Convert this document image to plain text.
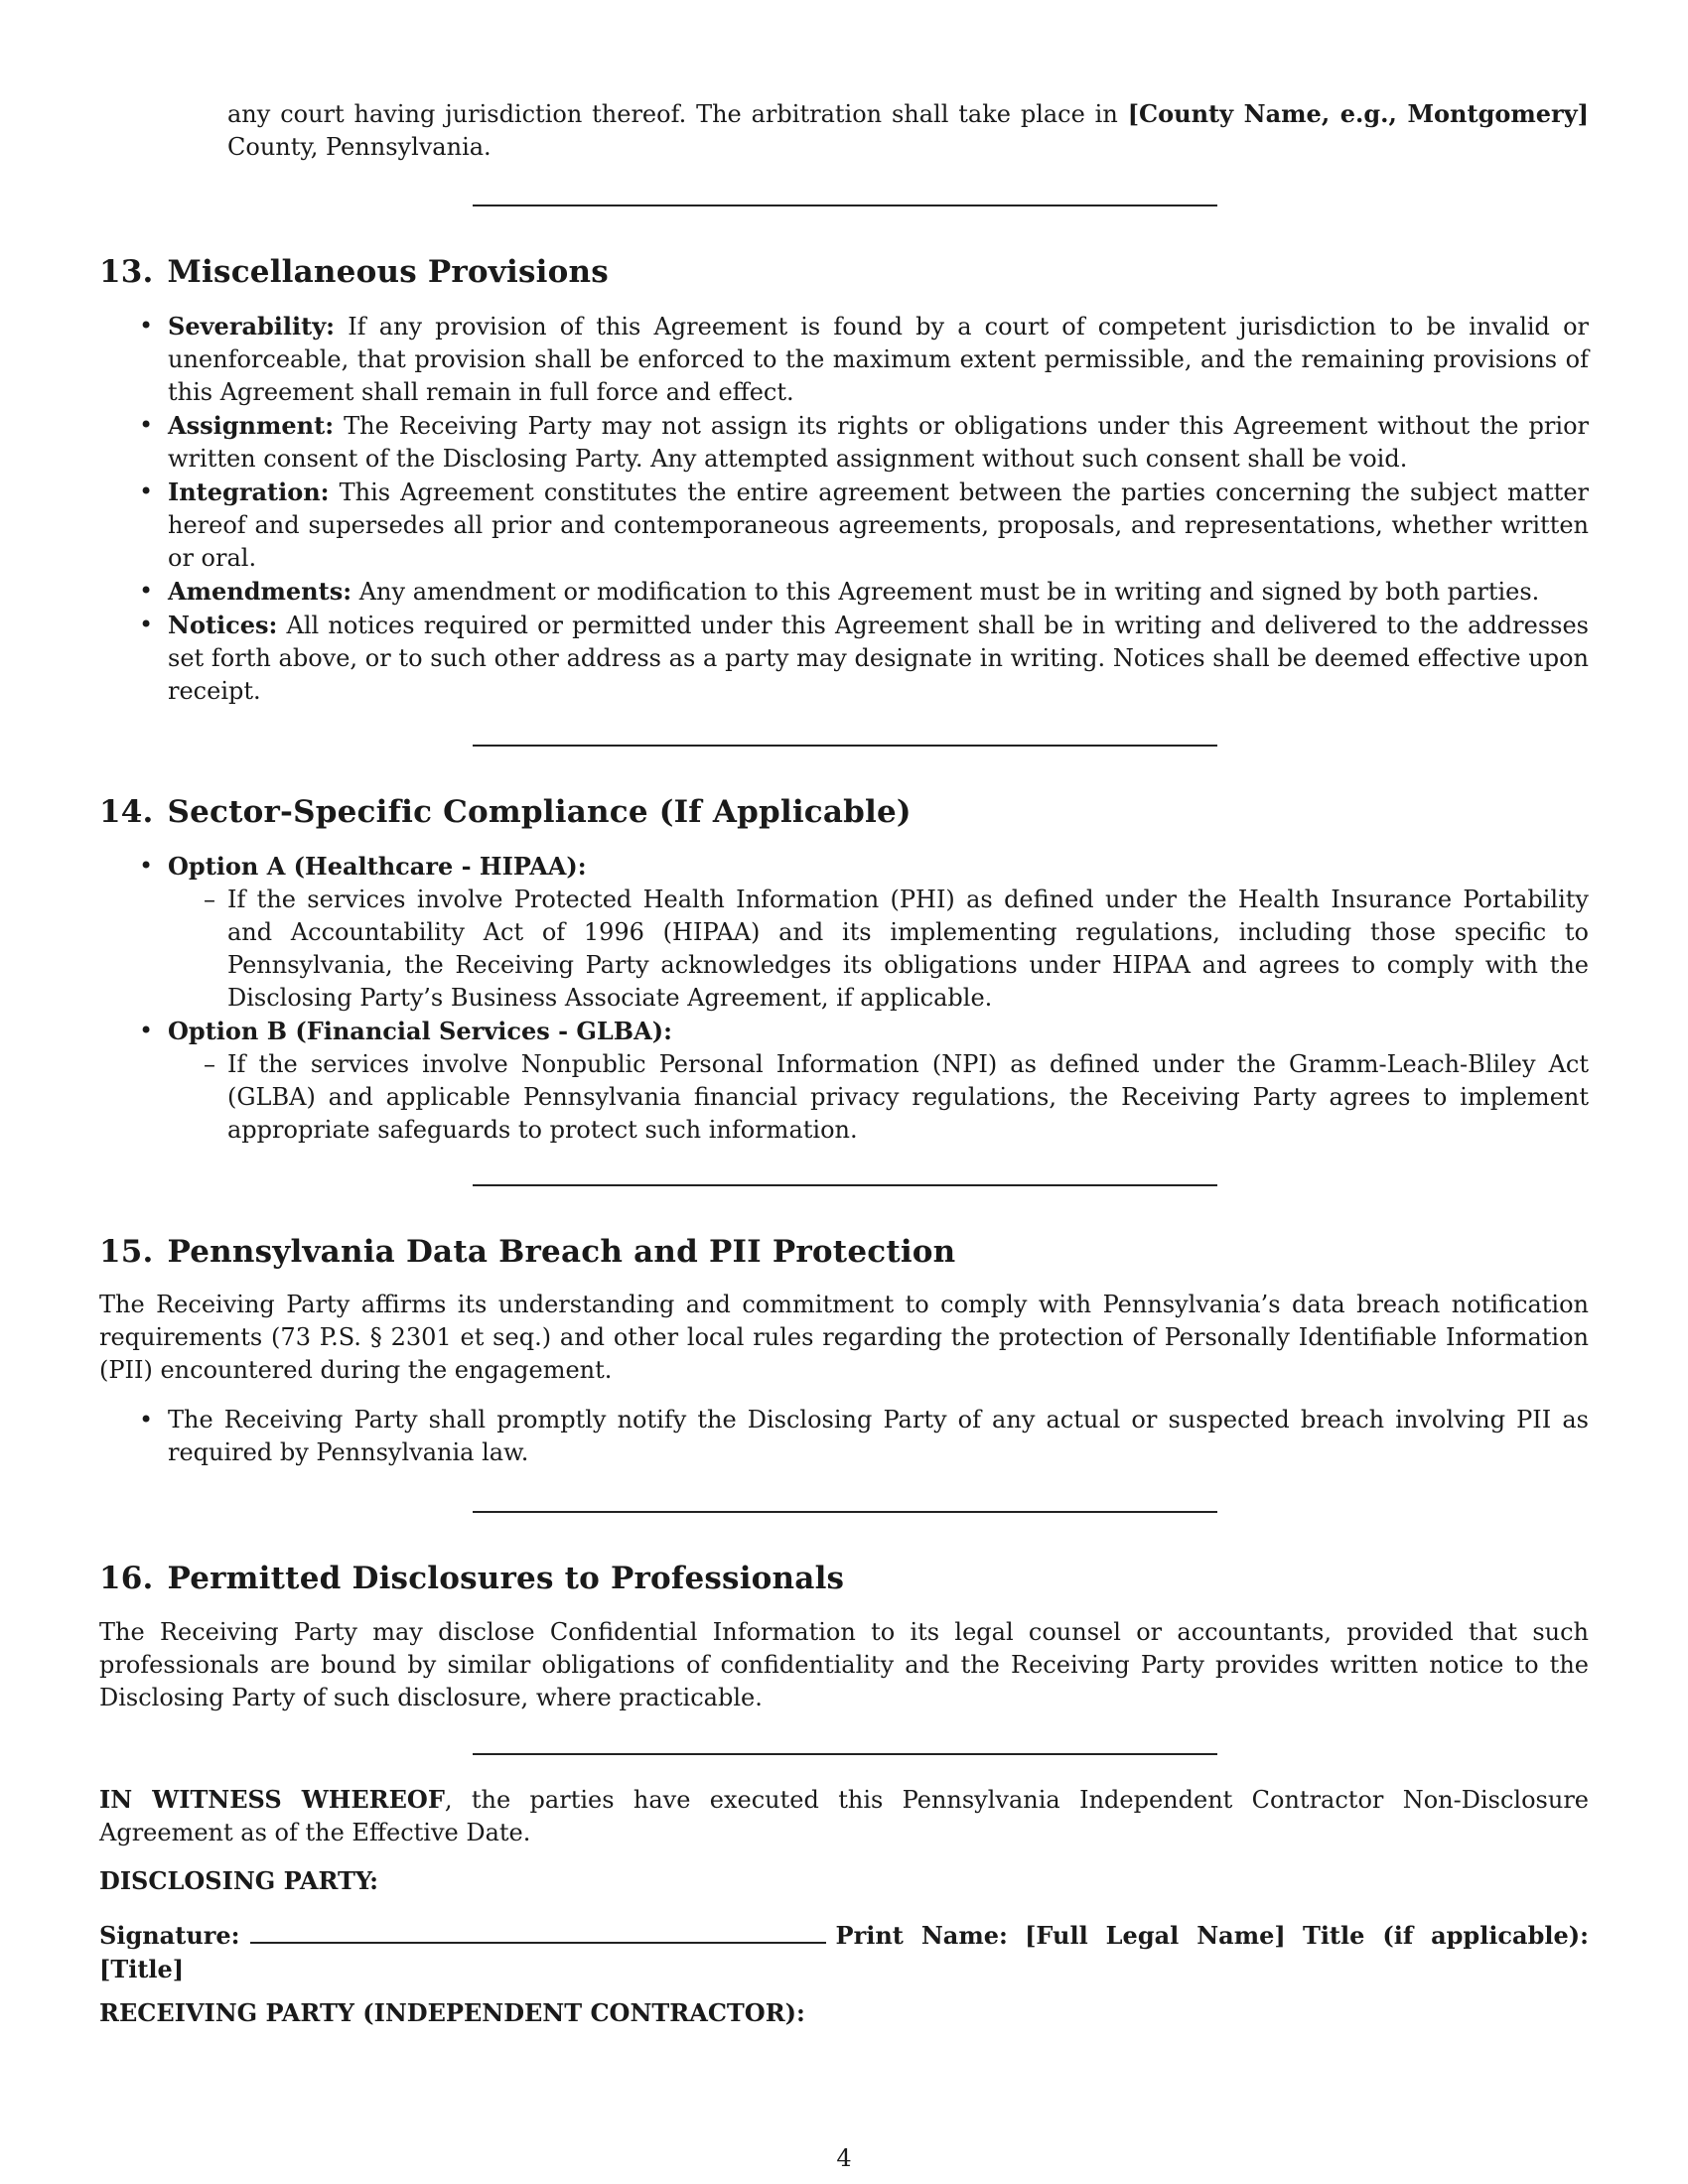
any court having jurisdiction thereof. The arbitration shall take place in [County Name, e.g., Montgomery] County, Pennsylvania.

13. Miscellaneous Provisions
• Severability: If any provision of this Agreement is found by a court of competent jurisdiction to be invalid or unenforceable, that provision shall be enforced to the maximum extent permissible, and the remaining provisions of this Agreement shall remain in full force and effect.
• Assignment: The Receiving Party may not assign its rights or obligations under this Agreement without the prior written consent of the Disclosing Party. Any attempted assignment without such consent shall be void.
• Integration: This Agreement constitutes the entire agreement between the parties concerning the subject matter hereof and supersedes all prior and contemporaneous agreements, proposals, and representations, whether written or oral.
• Amendments: Any amendment or modification to this Agreement must be in writing and signed by both parties.
• Notices: All notices required or permitted under this Agreement shall be in writing and delivered to the addresses set forth above, or to such other address as a party may designate in writing. Notices shall be deemed effective upon receipt.
14. Sector-Specific Compliance (If Applicable)
• Option A (Healthcare - HIPAA):
– If the services involve Protected Health Information (PHI) as defined under the Health Insurance Portability and Accountability Act of 1996 (HIPAA) and its implementing regulations, including those specific to Pennsylvania, the Receiving Party acknowledges its obligations under HIPAA and agrees to comply with the Disclosing Party’s Business Associate Agreement, if applicable.
• Option B (Financial Services - GLBA):
– If the services involve Nonpublic Personal Information (NPI) as defined under the Gramm-Leach-Bliley Act (GLBA) and applicable Pennsylvania financial privacy regulations, the Receiving Party agrees to implement appropriate safeguards to protect such information.
15. Pennsylvania Data Breach and PII Protection

The Receiving Party affirms its understanding and commitment to comply with Pennsylvania’s data breach notification requirements (73 P.S. § 2301 et seq.) and other local rules regarding the protection of Personally Identifiable Information (PII) encountered during the engagement.

• The Receiving Party shall promptly notify the Disclosing Party of any actual or suspected breach involving PII as required by Pennsylvania law.
16. Permitted Disclosures to Professionals

The Receiving Party may disclose Confidential Information to its legal counsel or accountants, provided that such professionals are bound by similar obligations of confidentiality and the Receiving Party provides written notice to the Disclosing Party of such disclosure, where practicable.

IN WITNESS WHEREOF, the parties have executed this Pennsylvania Independent Contractor Non-Disclosure Agreement as of the Effective Date.

DISCLOSING PARTY:

Signature:	Print Name: [Full Legal Name] Title (if applicable): [Title]

RECEIVING PARTY (INDEPENDENT CONTRACTOR):

4
